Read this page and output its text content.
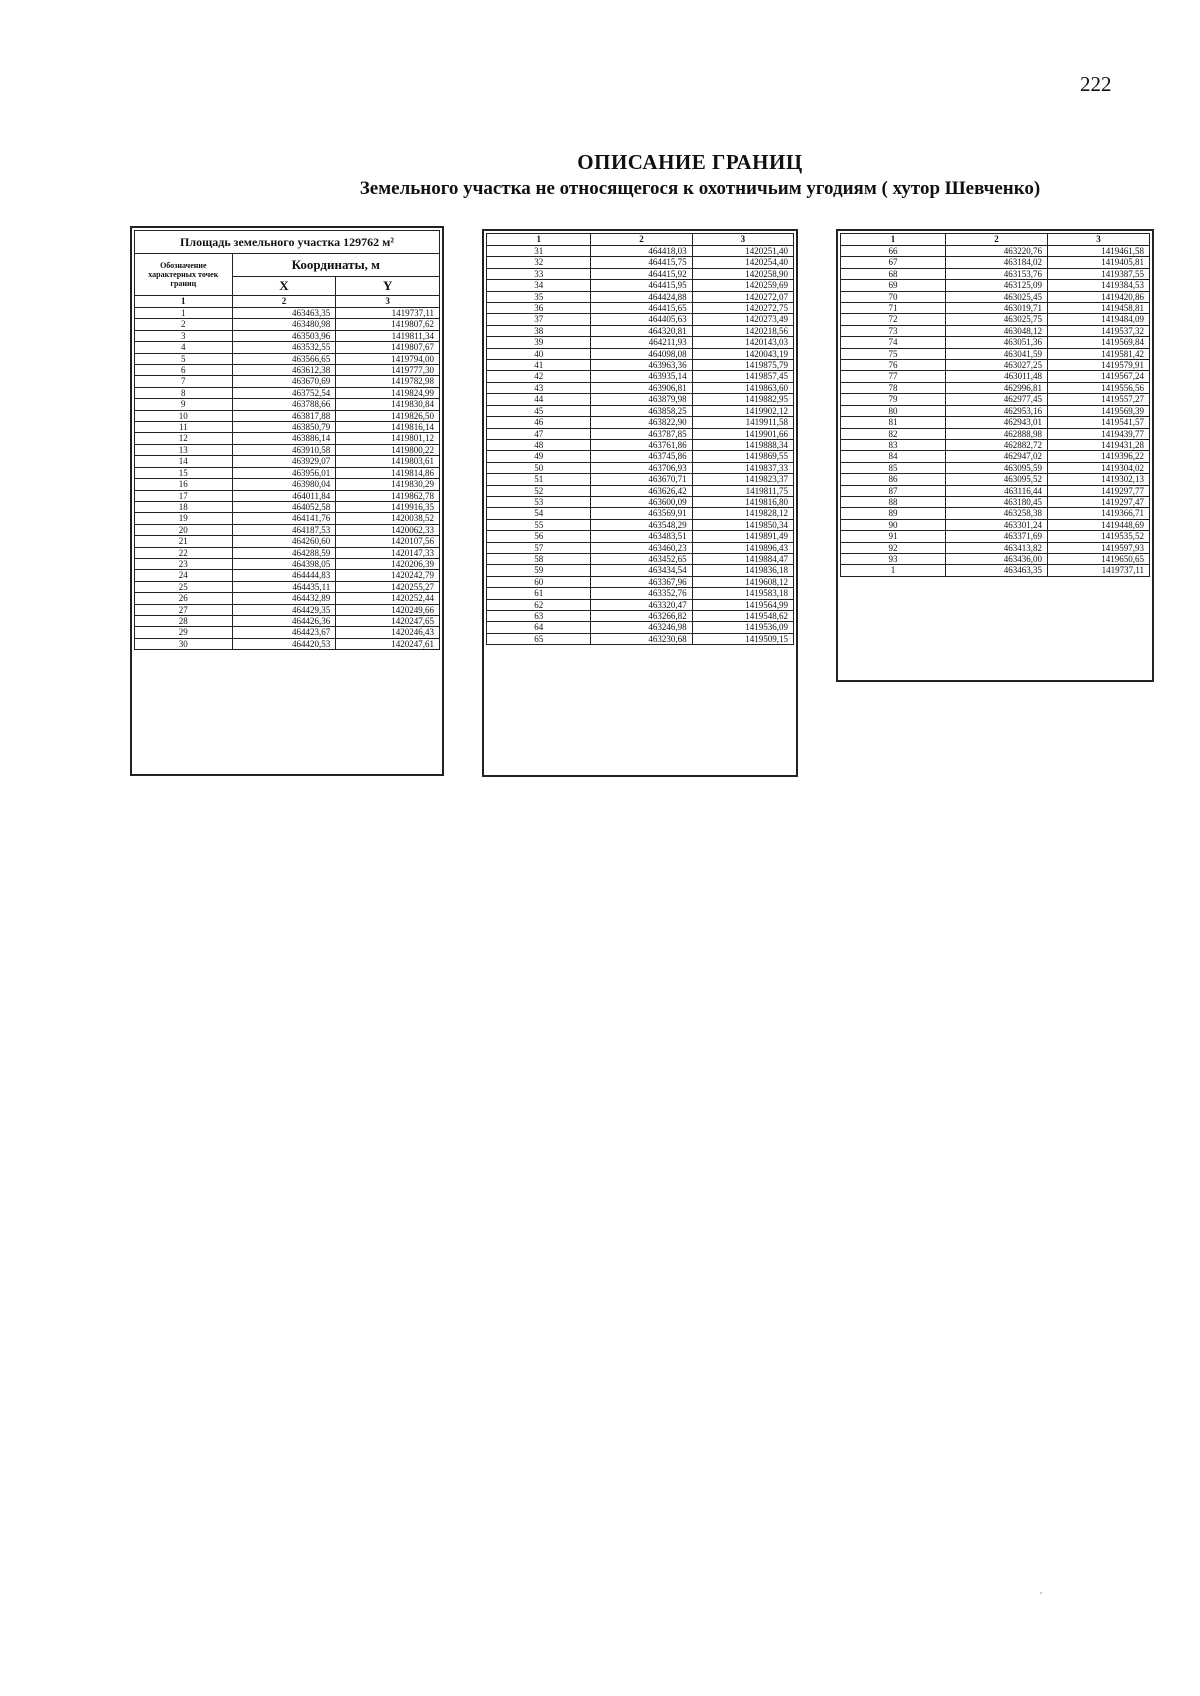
222
ОПИСАНИЕ ГРАНИЦ
Земельного участка не относящегося к охотничьим угодиям ( хутор Шевченко)
Площадь земельного участка 129762 м²		
Обозначение характерных точек границ	Координаты, м	
	X	Y
1	2	3
1	463463,35	1419737,11
2	463480,98	1419807,62
3	463503,96	1419811,34
4	463532,55	1419807,67
5	463566,65	1419794,00
6	463612,38	1419777,30
7	463670,69	1419782,98
8	463752,54	1419824,99
9	463788,66	1419830,84
10	463817,88	1419826,50
11	463850,79	1419816,14
12	463886,14	1419801,12
13	463910,58	1419800,22
14	463929,07	1419803,61
15	463956,01	1419814,86
16	463980,04	1419830,29
17	464011,84	1419862,78
18	464052,58	1419916,35
19	464141,76	1420038,52
20	464187,53	1420062,33
21	464260,60	1420107,56
22	464288,59	1420147,33
23	464398,05	1420206,39
24	464444,83	1420242,79
25	464435,11	1420255,27
26	464432,89	1420252,44
27	464429,35	1420249,66
28	464426,36	1420247,65
29	464423,67	1420246,43
30	464420,53	1420247,61
1	2	3
31	464418,03	1420251,40
32	464415,75	1420254,40
33	464415,92	1420258,90
34	464415,95	1420259,69
35	464424,88	1420272,07
36	464415,65	1420272,75
37	464405,63	1420273,49
38	464320,81	1420218,56
39	464211,93	1420143,03
40	464098,08	1420043,19
41	463963,36	1419875,79
42	463935,14	1419857,45
43	463906,81	1419863,60
44	463879,98	1419882,95
45	463858,25	1419902,12
46	463822,90	1419911,58
47	463787,85	1419901,66
48	463761,86	1419888,34
49	463745,86	1419869,55
50	463706,93	1419837,33
51	463670,71	1419823,37
52	463626,42	1419811,75
53	463600,09	1419816,80
54	463569,91	1419828,12
55	463548,29	1419850,34
56	463483,51	1419891,49
57	463460,23	1419896,43
58	463452,65	1419884,47
59	463434,54	1419836,18
60	463367,96	1419608,12
61	463352,76	1419583,18
62	463320,47	1419564,99
63	463266,82	1419548,62
64	463246,98	1419536,09
65	463230,68	1419509,15
1	2	3
66	463220,76	1419461,58
67	463184,02	1419405,81
68	463153,76	1419387,55
69	463125,09	1419384,53
70	463025,45	1419420,86
71	463019,71	1419458,81
72	463025,75	1419484,09
73	463048,12	1419537,32
74	463051,36	1419569,84
75	463041,59	1419581,42
76	463027,25	1419579,91
77	463011,48	1419567,24
78	462996,81	1419556,56
79	462977,45	1419557,27
80	462953,16	1419569,39
81	462943,01	1419541,57
82	462888,98	1419439,77
83	462882,72	1419431,28
84	462947,02	1419396,22
85	463095,59	1419304,02
86	463095,52	1419302,13
87	463116,44	1419297,77
88	463180,45	1419297,47
89	463258,38	1419366,71
90	463301,24	1419448,69
91	463371,69	1419535,52
92	463413,82	1419597,93
93	463436,00	1419650,65
1	463463,35	1419737,11
